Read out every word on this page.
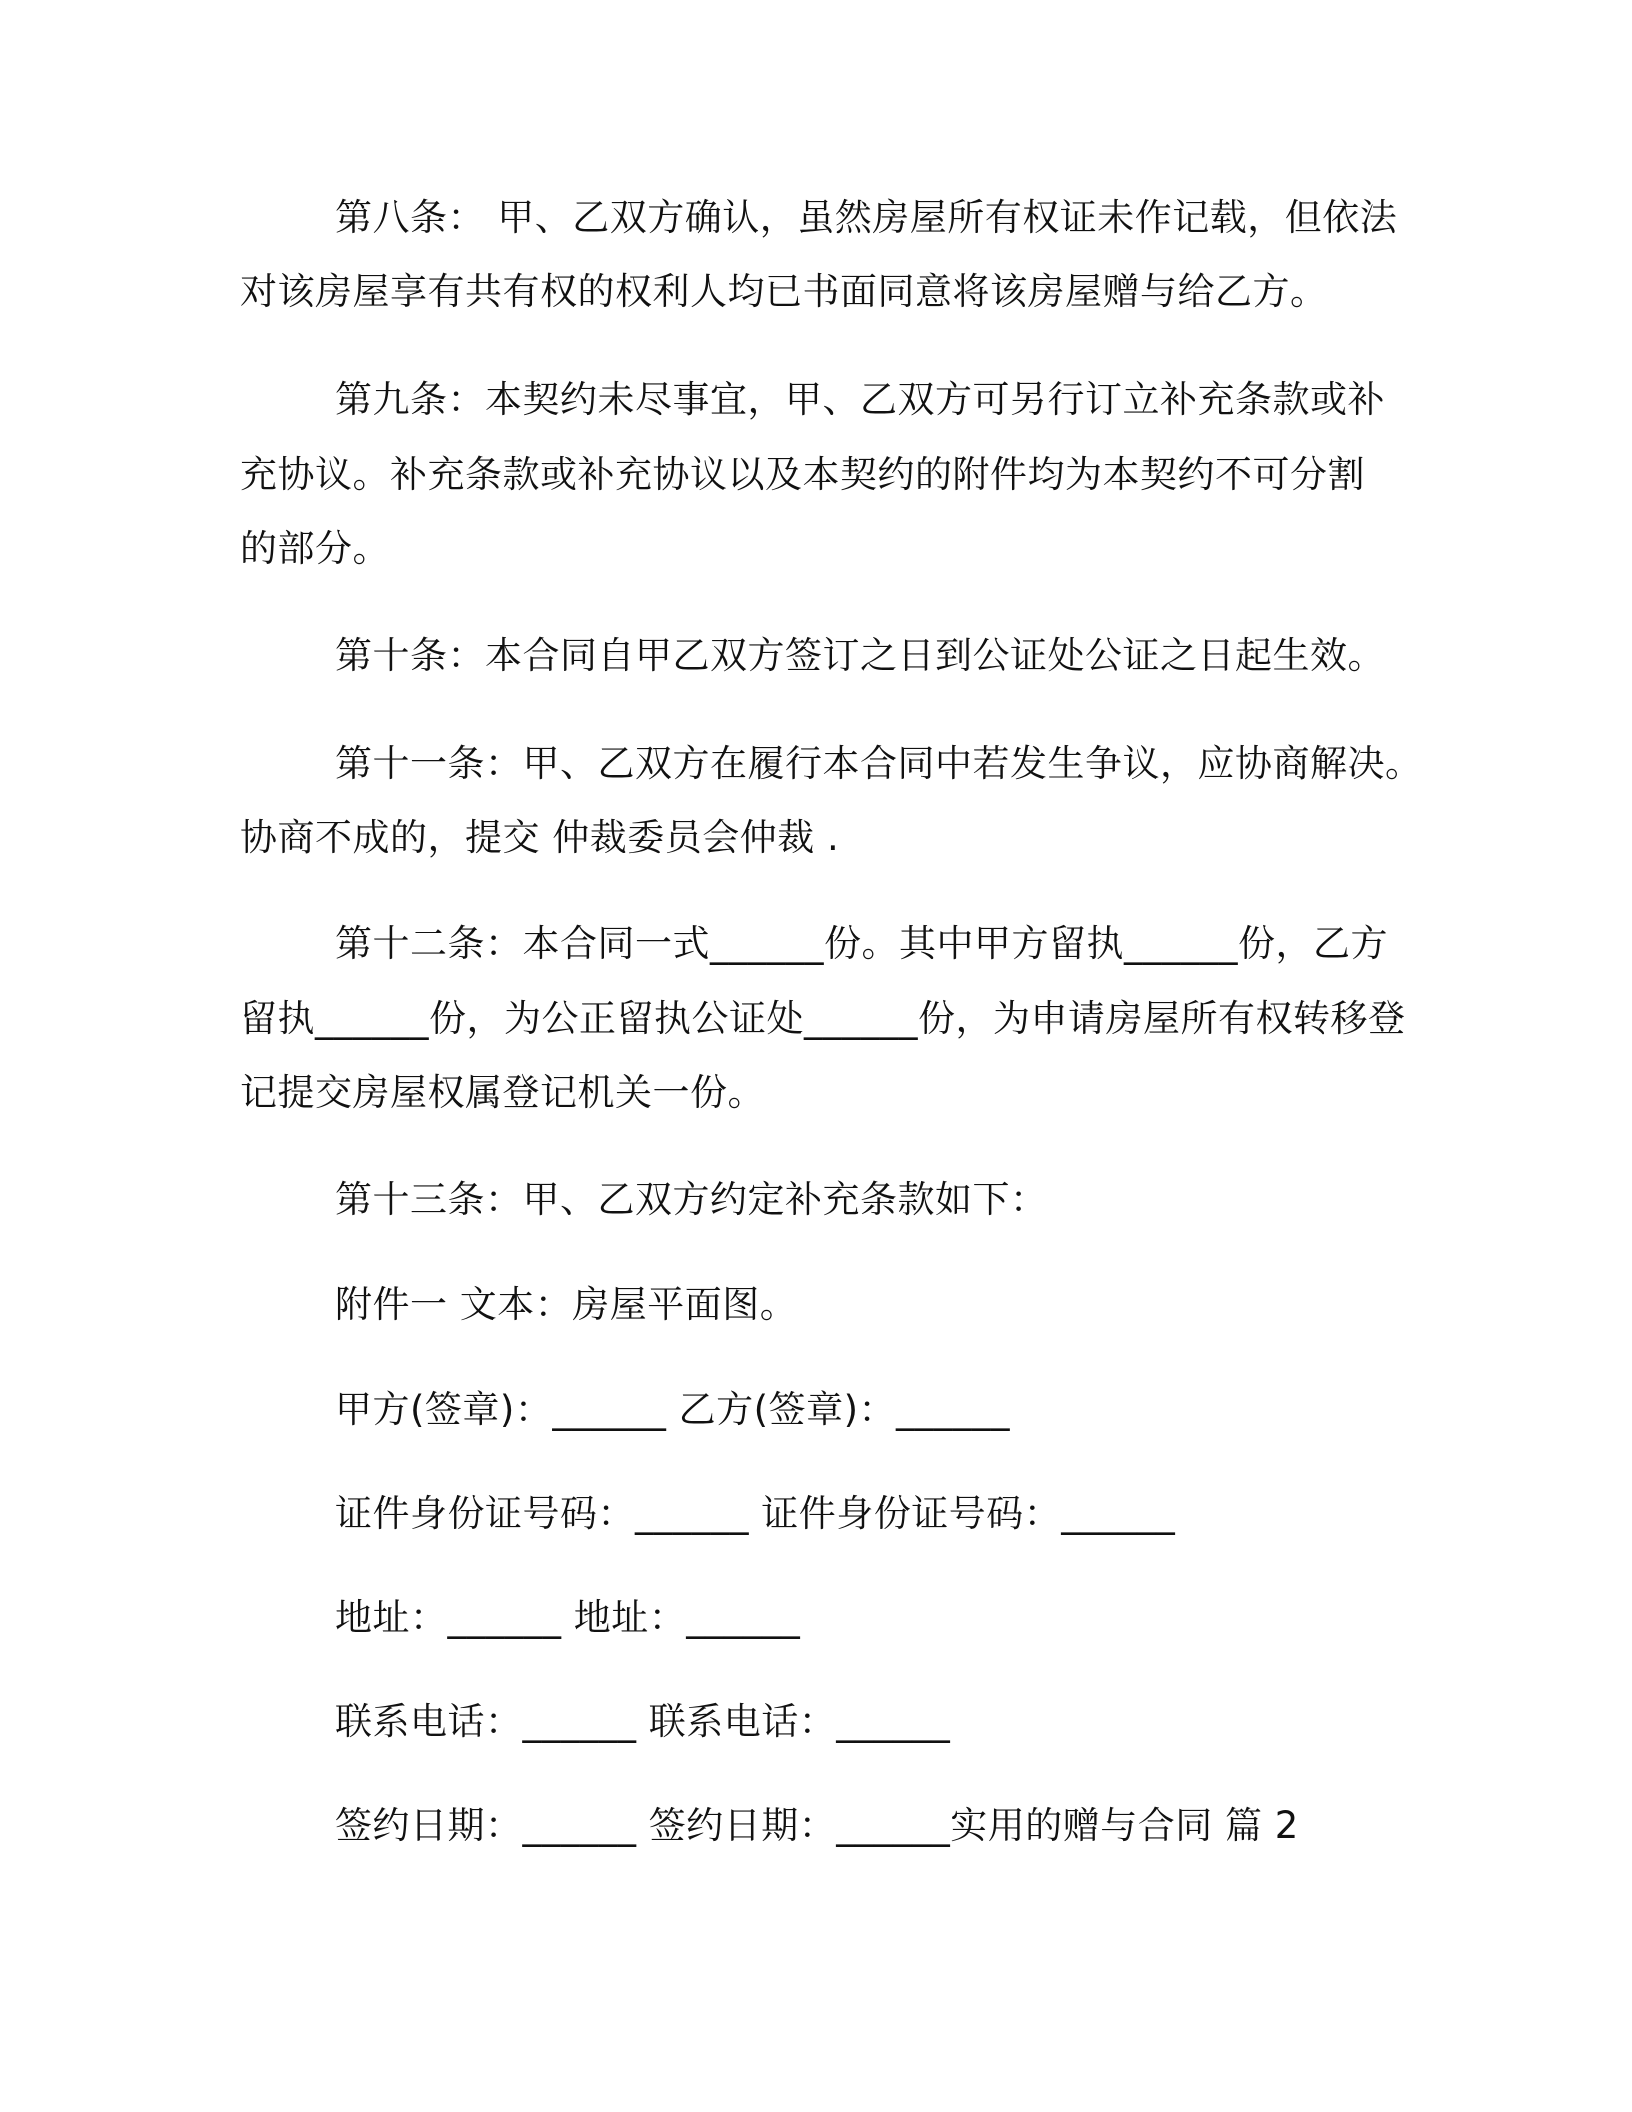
第八条： 甲、乙双方确认，虽然房屋所有权证未作记载，但依法
对该房屋享有共有权的权利人均已书面同意将该房屋赠与给乙方。
第九条：本契约未尽事宜，甲、乙双方可另行订立补充条款或补
充协议。补充条款或补充协议以及本契约的附件均为本契约不可分割
的部分。
第十条：本合同自甲乙双方签订之日到公证处公证之日起生效。
第十一条：甲、乙双方在履行本合同中若发生争议，应协商解决。
协商不成的，提交 仲裁委员会仲裁 .
第十二条：本合同一式______份。其中甲方留执______份，乙方
留执______份，为公正留执公证处______份，为申请房屋所有权转移登
记提交房屋权属登记机关一份。
第十三条：甲、乙双方约定补充条款如下：
附件一 文本：房屋平面图。
甲方(签章)：______ 乙方(签章)：______
证件身份证号码：______ 证件身份证号码：______
地址：______ 地址：______
联系电话：______ 联系电话：______
签约日期：______ 签约日期：______实用的赠与合同 篇 2
